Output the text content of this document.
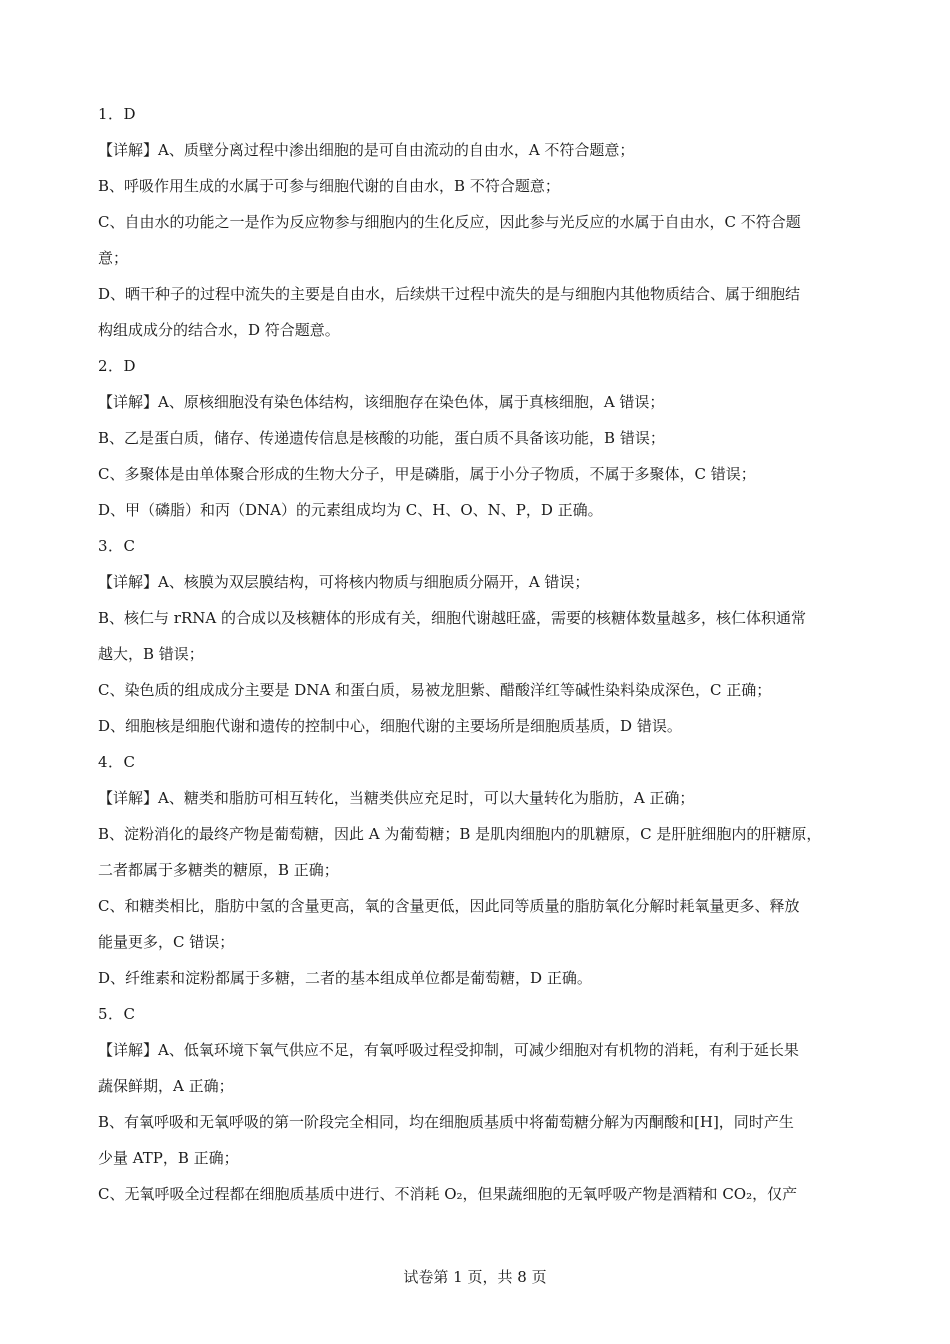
1．D
【详解】A、质壁分离过程中渗出细胞的是可自由流动的自由水，A 不符合题意；
B、呼吸作用生成的水属于可参与细胞代谢的自由水，B 不符合题意；
C、自由水的功能之一是作为反应物参与细胞内的生化反应，因此参与光反应的水属于自由水，C 不符合题
意；
D、晒干种子的过程中流失的主要是自由水，后续烘干过程中流失的是与细胞内其他物质结合、属于细胞结
构组成成分的结合水，D 符合题意。
2．D
【详解】A、原核细胞没有染色体结构，该细胞存在染色体，属于真核细胞，A 错误；
B、乙是蛋白质，储存、传递遗传信息是核酸的功能，蛋白质不具备该功能，B 错误；
C、多聚体是由单体聚合形成的生物大分子，甲是磷脂，属于小分子物质，不属于多聚体，C 错误；
D、甲（磷脂）和丙（DNA）的元素组成均为 C、H、O、N、P，D 正确。
3．C
【详解】A、核膜为双层膜结构，可将核内物质与细胞质分隔开，A 错误；
B、核仁与 rRNA 的合成以及核糖体的形成有关，细胞代谢越旺盛，需要的核糖体数量越多，核仁体积通常
越大，B 错误；
C、染色质的组成成分主要是 DNA 和蛋白质，易被龙胆紫、醋酸洋红等碱性染料染成深色，C 正确；
D、细胞核是细胞代谢和遗传的控制中心，细胞代谢的主要场所是细胞质基质，D 错误。
4．C
【详解】A、糖类和脂肪可相互转化，当糖类供应充足时，可以大量转化为脂肪，A 正确；
B、淀粉消化的最终产物是葡萄糖，因此 A 为葡萄糖；B 是肌肉细胞内的肌糖原，C 是肝脏细胞内的肝糖原，
二者都属于多糖类的糖原，B 正确；
C、和糖类相比，脂肪中氢的含量更高，氧的含量更低，因此同等质量的脂肪氧化分解时耗氧量更多、释放
能量更多，C 错误；
D、纤维素和淀粉都属于多糖，二者的基本组成单位都是葡萄糖，D 正确。
5．C
【详解】A、低氧环境下氧气供应不足，有氧呼吸过程受抑制，可减少细胞对有机物的消耗，有利于延长果
蔬保鲜期，A 正确；
B、有氧呼吸和无氧呼吸的第一阶段完全相同，均在细胞质基质中将葡萄糖分解为丙酮酸和[H]，同时产生
少量 ATP，B 正确；
C、无氧呼吸全过程都在细胞质基质中进行、不消耗 O₂，但果蔬细胞的无氧呼吸产物是酒精和 CO₂，仅产
试卷第 1 页，共 8 页
